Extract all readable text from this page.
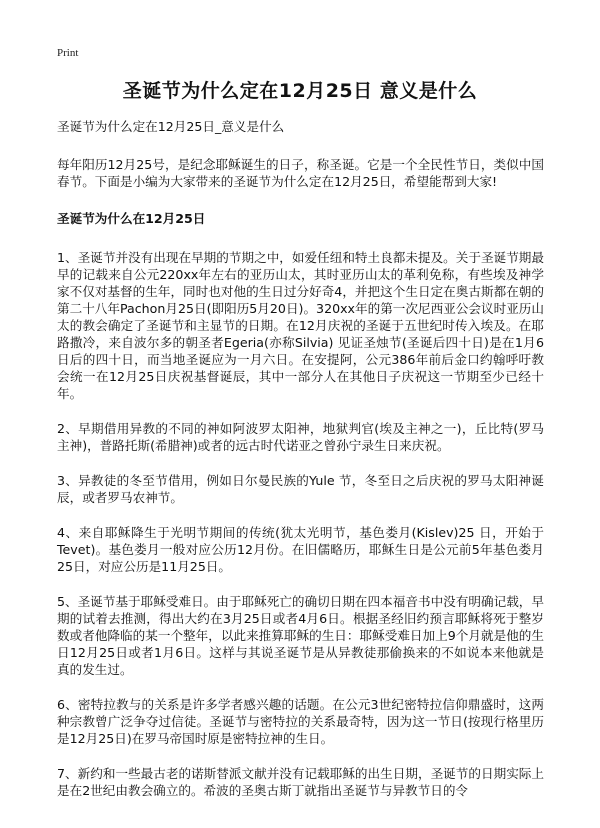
Print
圣诞节为什么定在12月25日 意义是什么

圣诞节为什么定在12月25日_意义是什么

每年阳历12月25号，是纪念耶稣诞生的日子，称圣诞。它是一个全民性节日，类似中国春节。下面是小编为大家带来的圣诞节为什么定在12月25日，希望能帮到大家!

圣诞节为什么在12月25日

1、圣诞节并没有出现在早期的节期之中，如爱任纽和特土良都未提及。关于圣诞节期最早的记载来自公元220xx年左右的亚历山太，其时亚历山太的革利免称，有些埃及神学家不仅对基督的生年，同时也对他的生日过分好奇4，并把这个生日定在奥古斯都在朝的第二十八年Pachon月25日(即阳历5月20日)。320xx年的第一次尼西亚公会议时亚历山太的教会确定了圣诞节和主显节的日期。在12月庆祝的圣诞于五世纪时传入埃及。在耶路撒冷，来自波尔多的朝圣者Egeria(亦称Silvia) 见证圣烛节(圣诞后四十日)是在1月6日后的四十日，而当地圣诞应为一月六日。在安提阿，公元386年前后金口约翰呼吁教会统一在12月25日庆祝基督诞辰，其中一部分人在其他日子庆祝这一节期至少已经十年。

2、早期借用异教的不同的神如阿波罗太阳神，地狱判官(埃及主神之一)，丘比特(罗马主神)，普路托斯(希腊神)或者的远古时代诺亚之曾孙宁录生日来庆祝。

3、异教徒的冬至节借用，例如日尔曼民族的Yule 节，冬至日之后庆祝的罗马太阳神诞辰，或者罗马农神节。

4、来自耶稣降生于光明节期间的传统(犹太光明节，基色娄月(Kislev)25 日，开始于Tevet)。基色娄月一般对应公历12月份。在旧儒略历，耶稣生日是公元前5年基色娄月25日，对应公历是11月25日。

5、圣诞节基于耶稣受难日。由于耶稣死亡的确切日期在四本福音书中没有明确记载，早期的试着去推测，得出大约在3月25日或者4月6日。根据圣经旧约预言耶稣将死于整岁数或者他降临的某一个整年，以此来推算耶稣的生日：耶稣受难日加上9个月就是他的生日12月25日或者1月6日。这样与其说圣诞节是从异教徒那偷换来的不如说本来他就是真的发生过。

6、密特拉教与的关系是许多学者感兴趣的话题。在公元3世纪密特拉信仰鼎盛时，这两种宗教曾广泛争夺过信徒。圣诞节与密特拉的关系最奇特，因为这一节日(按现行格里历是12月25日)在罗马帝国时原是密特拉神的生日。

7、新约和一些最古老的诺斯替派文献并没有记载耶稣的出生日期，圣诞节的日期实际上是在2世纪由教会确立的。希波的圣奥古斯丁就指出圣诞节与异教节日的令
